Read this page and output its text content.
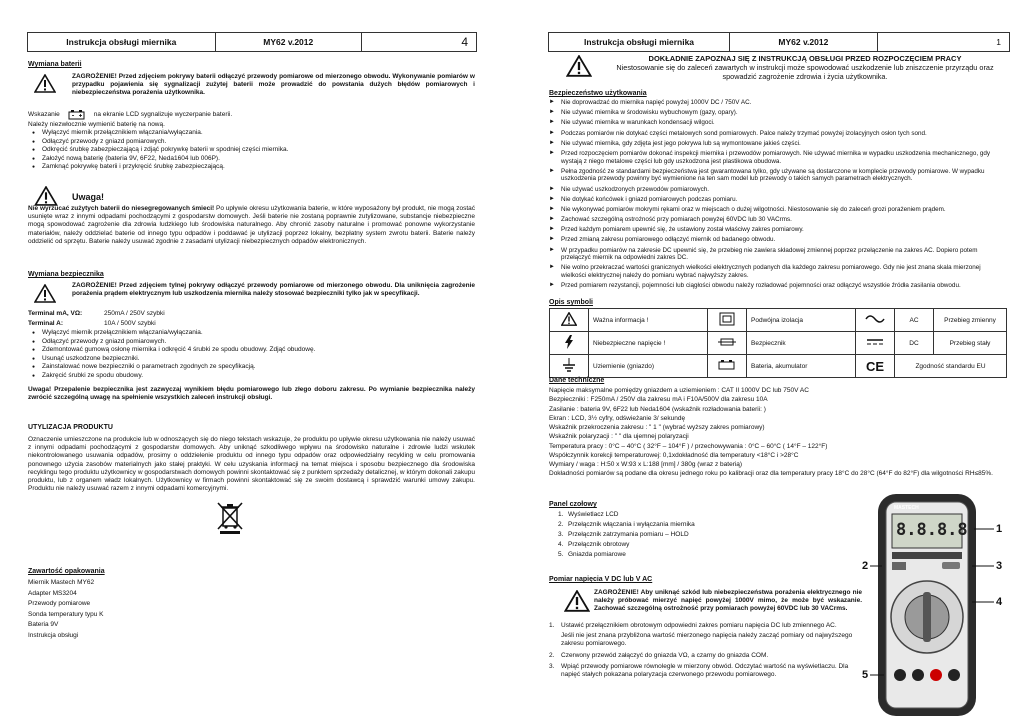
Instrukcja obsługi miernika	MY62 v.2012	4
Wymiana baterii
ZAGROŻENIE! Przed zdjęciem pokrywy baterii odłączyć przewody pomiarowe od mierzonego obwodu. Wykonywanie pomiarów w przypadku pojawienia się sygnalizacji zużytej baterii może prowadzić do powstania dużych błędów pomiarowych i niebezpieczeństwa porażenia użytkownika.
Wskazanie	na ekranie LCD sygnalizuje wyczerpanie baterii.
Należy niezwłocznie wymienić baterię na nową.
● Wyłączyć miernik przełącznikiem włączania/wyłączania.
● Odłączyć przewody z gniazd pomiarowych.
● Odkręcić śrubkę zabezpieczającą i zdjąć pokrywkę baterii w spodniej części miernika.
● Założyć nową baterię (bateria 9V, 6F22, Neda1604 lub 006P).
● Zamknąć pokrywkę baterii i przykręcić śrubkę zabezpieczającą.
Uwaga!
Nie wyrzucać zużytych baterii do niesegregowanych śmieci! Po upływie okresu użytkowania baterie, w które wyposażony był produkt, nie mogą zostać usunięte wraz z innymi odpadami pochodzącymi z gospodarstw domowych. Jeśli baterie nie zostaną poprawnie zutylizowane, substancje niebezpieczne mogą spowodować zagrożenie dla zdrowia ludzkiego lub środowiska naturalnego. Aby chronić zasoby naturalne i promować ponowne wykorzystanie materiałów, należy oddzielać baterie od innego typu odpadów i poddawać je utylizacji poprzez lokalny, bezpłatny system zwrotu baterii. Baterie należy oddzielić od sprzętu. Baterie należy usuwać zgodnie z zasadami utylizacji niebezpiecznych odpadów elektronicznych.
Wymiana bezpiecznika
ZAGROŻENIE! Przed zdjęciem tylnej pokrywy odłączyć przewody pomiarowe od mierzonego obwodu. Dla uniknięcia zagrożenie porażenia prądem elektrycznym lub uszkodzenia miernika należy stosować bezpieczniki tylko jak w specyfikacji.
Terminal mA, VΩ:	250mA / 250V szybki
Terminal A:	10A / 500V szybki
● Wyłączyć miernik przełącznikiem włączania/wyłączania.
● Odłączyć przewody z gniazd pomiarowych.
● Zdemontować gumową osłonę miernika i odkręcić 4 śrubki ze spodu obudowy. Zdjąć obudowę.
● Usunąć uszkodzone bezpieczniki.
● Zainstalować nowe bezpieczniki o parametrach zgodnych ze specyfikacją.
● Zakręcić śrubki ze spodu obudowy.
Uwaga! Przepalenie bezpiecznika jest zazwyczaj wynikiem błędu pomiarowego lub złego doboru zakresu. Po wymianie bezpiecznika należy zwrócić szczególną uwagę na spełnienie wszystkich zaleceń instrukcji obsługi.
UTYLIZACJA PRODUKTU
Oznaczenie umieszczone na produkcie lub w odnoszących się do niego tekstach wskazuje, że produktu po upływie okresu użytkowania nie należy usuwać z innymi odpadami pochodzącymi z gospodarstw domowych. Aby uniknąć szkodliwego wpływu na środowisko naturalne i zdrowie ludzi wskutek niekontrolowanego usuwania odpadów, prosimy o oddzielenie produktu od innego typu odpadów oraz odpowiedzialny recykling w celu promowania ponownego użycia zasobów materialnych jako stałej praktyki. W celu uzyskania informacji na temat miejsca i sposobu bezpiecznego dla środowiska recyklingu tego produktu użytkownicy w gospodarstwach domowych powinni skontaktować się z punktem sprzedaży detalicznej, w którym dokonali zakupu produktu, lub z organem władz lokalnych. Użytkownicy w firmach powinni skontaktować się ze swoim dostawcą i sprawdzić warunki umowy zakupu. Produktu nie należy usuwać razem z innymi odpadami komercyjnymi.
Zawartość opakowania
Miernik Mastech MY62
Adapter MS3204
Przewody pomiarowe
Sonda temperatury typu K
Bateria 9V
Instrukcja obsługi
Instrukcja obsługi miernika	MY62 v.2012	1
DOKŁADNIE ZAPOZNAJ SIĘ Z INSTRUKCJĄ OBSŁUGI PRZED ROZPOCZĘCIEM PRACY
Niestosowanie się do zaleceń zawartych w instrukcji może spowodować uszkodzenie lub zniszczenie przyrządu oraz spowadzić zagrożenie zdrowia i życia użytkownika.
Bezpieczeństwo użytkowania
► Nie doprowadzać do miernika napięć powyżej 1000V DC / 750V AC.
► Nie używać miernika w środowisku wybuchowym (gazy, opary).
► Nie używać miernika w warunkach kondensacji wilgoci.
► Podczas pomiarów nie dotykać części metalowych sond pomiarowych. Palce należy trzymać powyżej izolacyjnych osłon tych sond.
► Nie używać miernika, gdy zdjęta jest jego pokrywa lub są wymontowane jakieś części.
► Przed rozpoczęciem pomiarów dokonać inspekcji miernika i przewodów pomiarowych. Nie używać miernika w wypadku uszkodzenia mechanicznego, gdy wystają z niego metalowe części lub gdy uszkodzona jest plastikowa obudowa.
► Pełna zgodność ze standardami bezpieczeństwa jest gwarantowana tylko, gdy używane są dostarczone w komplecie przewody pomiarowe. W wypadku uszkodzenia przewody powinny być wymienione na ten sam model lub przewody o takich samych parametrach elektrycznych.
► Nie używać uszkodzonych przewodów pomiarowych.
► Nie dotykać końcówek i gniazd pomiarowych podczas pomiaru.
► Nie wykonywać pomiarów mokrymi rękami oraz w miejscach o dużej wilgotności. Niestosowanie się do zaleceń grozi porażeniem prądem.
► Zachować szczególną ostrożność przy pomiarach powyżej 60VDC lub 30 VACrms.
► Przed każdym pomiarem upewnić się, że ustawiony został właściwy zakres pomiarowy.
► Przed zmianą zakresu pomiarowego odłączyć miernik od badanego obwodu.
► W przypadku pomiarów na zakresie DC upewnić się, że przebieg nie zawiera składowej zmiennej poprzez przełączenie na zakres AC. Dopiero potem przełączyć miernik na odpowiedni zakres DC.
► Nie wolno przekraczać wartości granicznych wielkości elektrycznych podanych dla każdego zakresu pomiarowego. Gdy nie jest znana skala mierzonej wielkości elektrycznej należy do pomiaru wybrać najwyższy zakres.
► Przed pomiarem rezystancji, pojemności lub ciągłości obwodu należy rozładować pojemności oraz odłączyć wszystkie źródła zasilania obwodu.
Opis symboli
	Ważna informacja !		Podwójna izolacja		AC	Przebieg zmienny
	Niebezpieczne napięcie !		Bezpiecznik		DC	Przebieg stały
	Uziemienie (gniazdo)		Bateria, akumulator	CE	Zgodność standardu EU	
Dane techniczne
Napięcie maksymalne pomiędzy gniazdem a uziemieniem : CAT II 1000V DC lub 750V AC
Bezpieczniki : F250mA / 250V dla zakresu mA i F10A/500V dla zakresu 10A
Zasilanie : bateria 9V, 6F22 lub Neda1604 (wskaźnik rozładowania baterii: )
Ekran : LCD, 3½ cyfry, odświeżanie 3/ sekundę
Wskaźnik przekroczenia zakresu : " 1 " (wybrać wyższy zakres pomiarowy)
Wskaźnik polaryzacji : " " dla ujemnej polaryzacji
Temperatura pracy : 0°C – 40°C ( 32°F – 104°F ) / przechowywania : 0°C – 60°C ( 14°F – 122°F)
Współczynnik korekcji temperaturowej: 0,1xdokładność dla temperatury <18°C i >28°C
Wymiary / waga : H:50 x W:93 x L:188 [mm] / 380g (wraz z baterią)
Dokładności pomiarów są podane dla okresu jednego roku po kalibracji oraz dla temperatury pracy 18°C do 28°C (64°F do 82°F) dla wilgotności RH≤85%.
Panel czołowy
1. Wyświetlacz LCD
2. Przełącznik włączania i wyłączania miernika
3. Przełącznik zatrzymania pomiaru – HOLD
4. Przełącznik obrotowy
5. Gniazda pomiarowe
MASTECH
8.8.8.8	1
2	3
4
5
Pomiar napięcia V DC lub V AC
ZAGROŻENIE! Aby uniknąć szkód lub niebezpieczeństwa porażenia elektrycznego nie należy próbować mierzyć napięć powyżej 1000V mimo, że może być wskazanie. Zachować szczególną ostrożność przy pomiarach powyżej 60VDC lub 30 VACrms.
1.	Ustawić przełącznikiem obrotowym odpowiedni zakres pomiaru napięcia DC lub zmiennego AC.
Jeśli nie jest znana przybliżona wartość mierzonego napięcia należy zacząć pomiary od najwyższego zakresu pomiarowego.
2.	Czerwony przewód załączyć do gniazda VΩ, a czarny do gniazda COM.
3.	Wpiąć przewody pomiarowe równolegle w mierzony obwód. Odczytać wartość na wyświetlaczu. Dla napięć stałych pokazana polaryzacja czerwonego przewodu pomiarowego.
